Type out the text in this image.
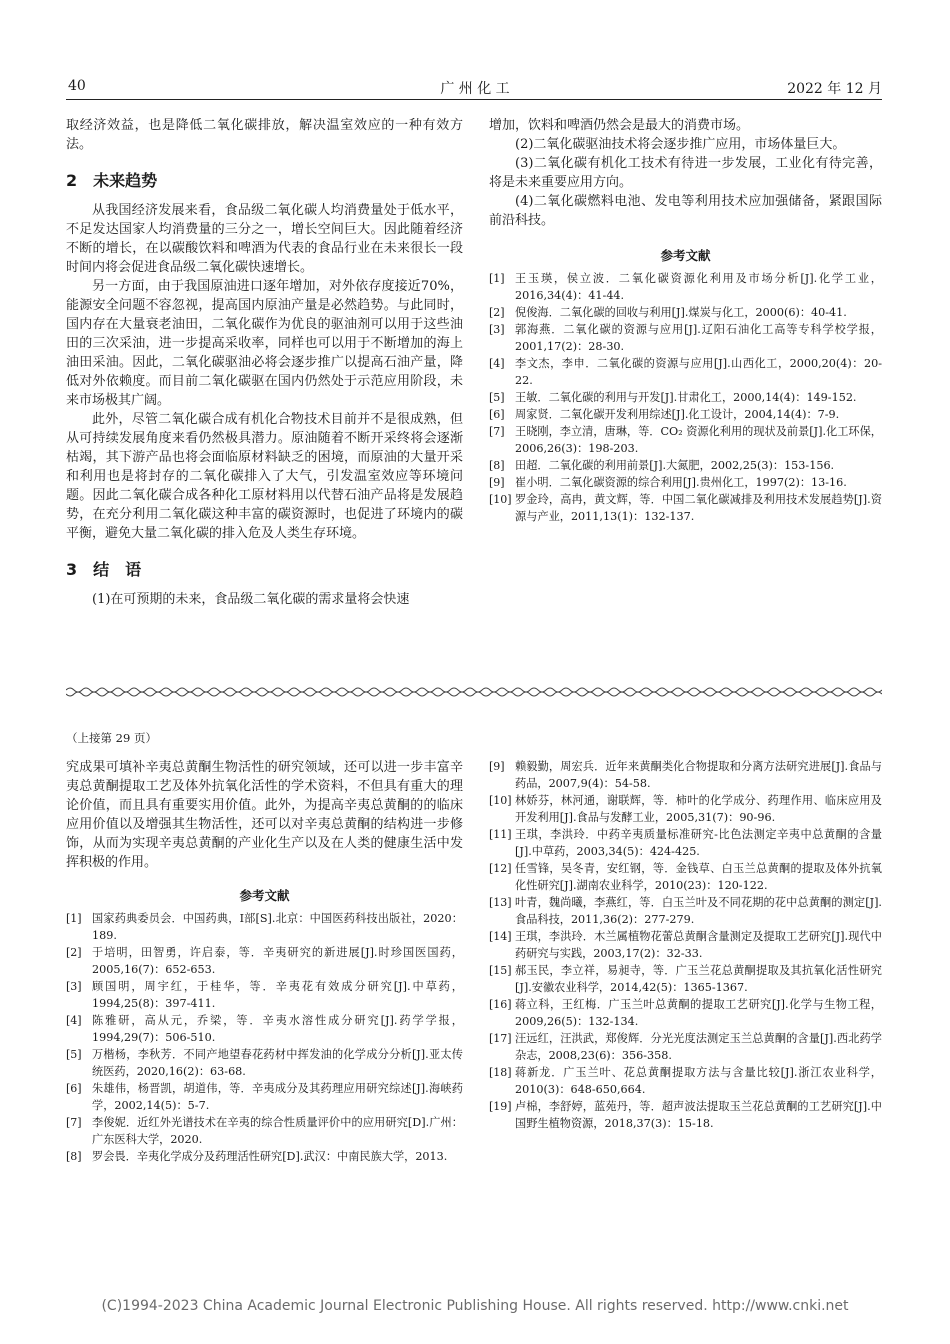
40	广 州 化 工	2022 年 12 月

取经济效益，也是降低二氧化碳排放，解决温室效应的一种有效方法。

2　未来趋势

从我国经济发展来看，食品级二氧化碳人均消费量处于低水平，不足发达国家人均消费量的三分之一，增长空间巨大。因此随着经济不断的增长，在以碳酸饮料和啤酒为代表的食品行业在未来很长一段时间内将会促进食品级二氧化碳快速增长。

另一方面，由于我国原油进口逐年增加，对外依存度接近70%，能源安全问题不容忽视，提高国内原油产量是必然趋势。与此同时，国内存在大量衰老油田，二氧化碳作为优良的驱油剂可以用于这些油田的三次采油，进一步提高采收率，同样也可以用于不断增加的海上油田采油。因此，二氧化碳驱油必将会逐步推广以提高石油产量，降低对外依赖度。而目前二氧化碳驱在国内仍然处于示范应用阶段，未来市场极其广阔。

此外，尽管二氧化碳合成有机化合物技术目前并不是很成熟，但从可持续发展角度来看仍然极具潜力。原油随着不断开采终将会逐渐枯竭，其下游产品也将会面临原材料缺乏的困境，而原油的大量开采和利用也是将封存的二氧化碳排入了大气，引发温室效应等环境问题。因此二氧化碳合成各种化工原材料用以代替石油产品将是发展趋势，在充分利用二氧化碳这种丰富的碳资源时，也促进了环境内的碳平衡，避免大量二氧化碳的排入危及人类生存环境。

3　结　语

(1)在可预期的未来，食品级二氧化碳的需求量将会快速

增加，饮料和啤酒仍然会是最大的消费市场。

(2)二氧化碳驱油技术将会逐步推广应用，市场体量巨大。

(3)二氧化碳有机化工技术有待进一步发展，工业化有待完善，将是未来重要应用方向。

(4)二氧化碳燃料电池、发电等利用技术应加强储备，紧跟国际前沿科技。

参考文献

[1] 王玉瑛，侯立波．二氧化碳资源化利用及市场分析[J].化学工业，2016,34(4)：41-44.

[2] 倪俊海．二氧化碳的回收与利用[J].煤炭与化工，2000(6)：40-41.

[3] 郭海燕．二氧化碳的资源与应用[J].辽阳石油化工高等专科学校学报，2001,17(2)：28-30.

[4] 李文杰，李申．二氧化碳的资源与应用[J].山西化工，2000,20(4)：20-22.

[5] 王敏．二氧化碳的利用与开发[J].甘肃化工，2000,14(4)：149-152.

[6] 周家贤．二氧化碳开发利用综述[J].化工设计，2004,14(4)：7-9.

[7] 王晓刚，李立清，唐琳，等．CO₂ 资源化利用的现状及前景[J].化工环保，2006,26(3)：198-203.

[8] 田超．二氧化碳的利用前景[J].大氮肥，2002,25(3)：153-156.

[9] 崔小明．二氧化碳资源的综合利用[J].贵州化工，1997(2)：13-16.

[10] 罗金玲，高冉，黄文辉，等．中国二氧化碳减排及利用技术发展趋势[J].资源与产业，2011,13(1)：132-137.

（上接第 29 页）

究成果可填补辛夷总黄酮生物活性的研究领域，还可以进一步丰富辛夷总黄酮提取工艺及体外抗氧化活性的学术资料，不但具有重大的理论价值，而且具有重要实用价值。此外，为提高辛夷总黄酮的的临床应用价值以及增强其生物活性，还可以对辛夷总黄酮的结构进一步修饰，从而为实现辛夷总黄酮的产业化生产以及在人类的健康生活中发挥积极的作用。

参考文献

[1] 国家药典委员会．中国药典，Ⅰ部[S].北京：中国医药科技出版社，2020：189.

[2] 于培明，田智勇，许启泰，等．辛夷研究的新进展[J].时珍国医国药，2005,16(7)：652-653.

[3] 顾国明，周宇红，于桂华，等．辛夷花有效成分研究[J].中草药，1994,25(8)：397-411.

[4] 陈雅研，高从元，乔梁，等．辛夷水溶性成分研究[J].药学学报，1994,29(7)：506-510.

[5] 万楷杨，李秋芳．不同产地望春花药材中挥发油的化学成分分析[J].亚太传统医药，2020,16(2)：63-68.

[6] 朱雄伟，杨晋凯，胡道伟，等．辛夷成分及其药理应用研究综述[J].海峡药学，2002,14(5)：5-7.

[7] 李俊妮．近红外光谱技术在辛夷的综合性质量评价中的应用研究[D].广州：广东医科大学，2020.

[8] 罗会畏．辛夷化学成分及药理活性研究[D].武汉：中南民族大学，2013.

[9] 赖毅勤，周宏兵．近年来黄酮类化合物提取和分离方法研究进展[J].食品与药品，2007,9(4)：54-58.

[10] 林娇芬，林河通，谢联辉，等．柿叶的化学成分、药理作用、临床应用及开发利用[J].食品与发酵工业，2005,31(7)：90-96.

[11] 王琪，李洪玲．中药辛夷质量标准研究-比色法测定辛夷中总黄酮的含量[J].中草药，2003,34(5)：424-425.

[12] 任雪锋，吴冬青，安红钢，等．金钱草、白玉兰总黄酮的提取及体外抗氧化性研究[J].湖南农业科学，2010(23)：120-122.

[13] 叶青，魏尚曦，李燕红，等．白玉兰叶及不同花期的花中总黄酮的测定[J].食品科技，2011,36(2)：277-279.

[14] 王琪，李洪玲．木兰属植物花蕾总黄酮含量测定及提取工艺研究[J].现代中药研究与实践，2003,17(2)：32-33.

[15] 郝玉民，李立祥，易昶寺，等．广玉兰花总黄酮提取及其抗氧化活性研究[J].安徽农业科学，2014,42(5)：1365-1367.

[16] 蒋立科，王红梅．广玉兰叶总黄酮的提取工艺研究[J].化学与生物工程，2009,26(5)：132-134.

[17] 汪远红，汪洪武，郑俊辉．分光光度法测定玉兰总黄酮的含量[J].西北药学杂志，2008,23(6)：356-358.

[18] 蒋新龙．广玉兰叶、花总黄酮提取方法与含量比较[J].浙江农业科学，2010(3)：648-650,664.

[19] 卢棉，李舒婷，蓝苑丹，等．超声波法提取玉兰花总黄酮的工艺研究[J].中国野生植物资源，2018,37(3)：15-18.

(C)1994-2023 China Academic Journal Electronic Publishing House. All rights reserved. http://www.cnki.net
